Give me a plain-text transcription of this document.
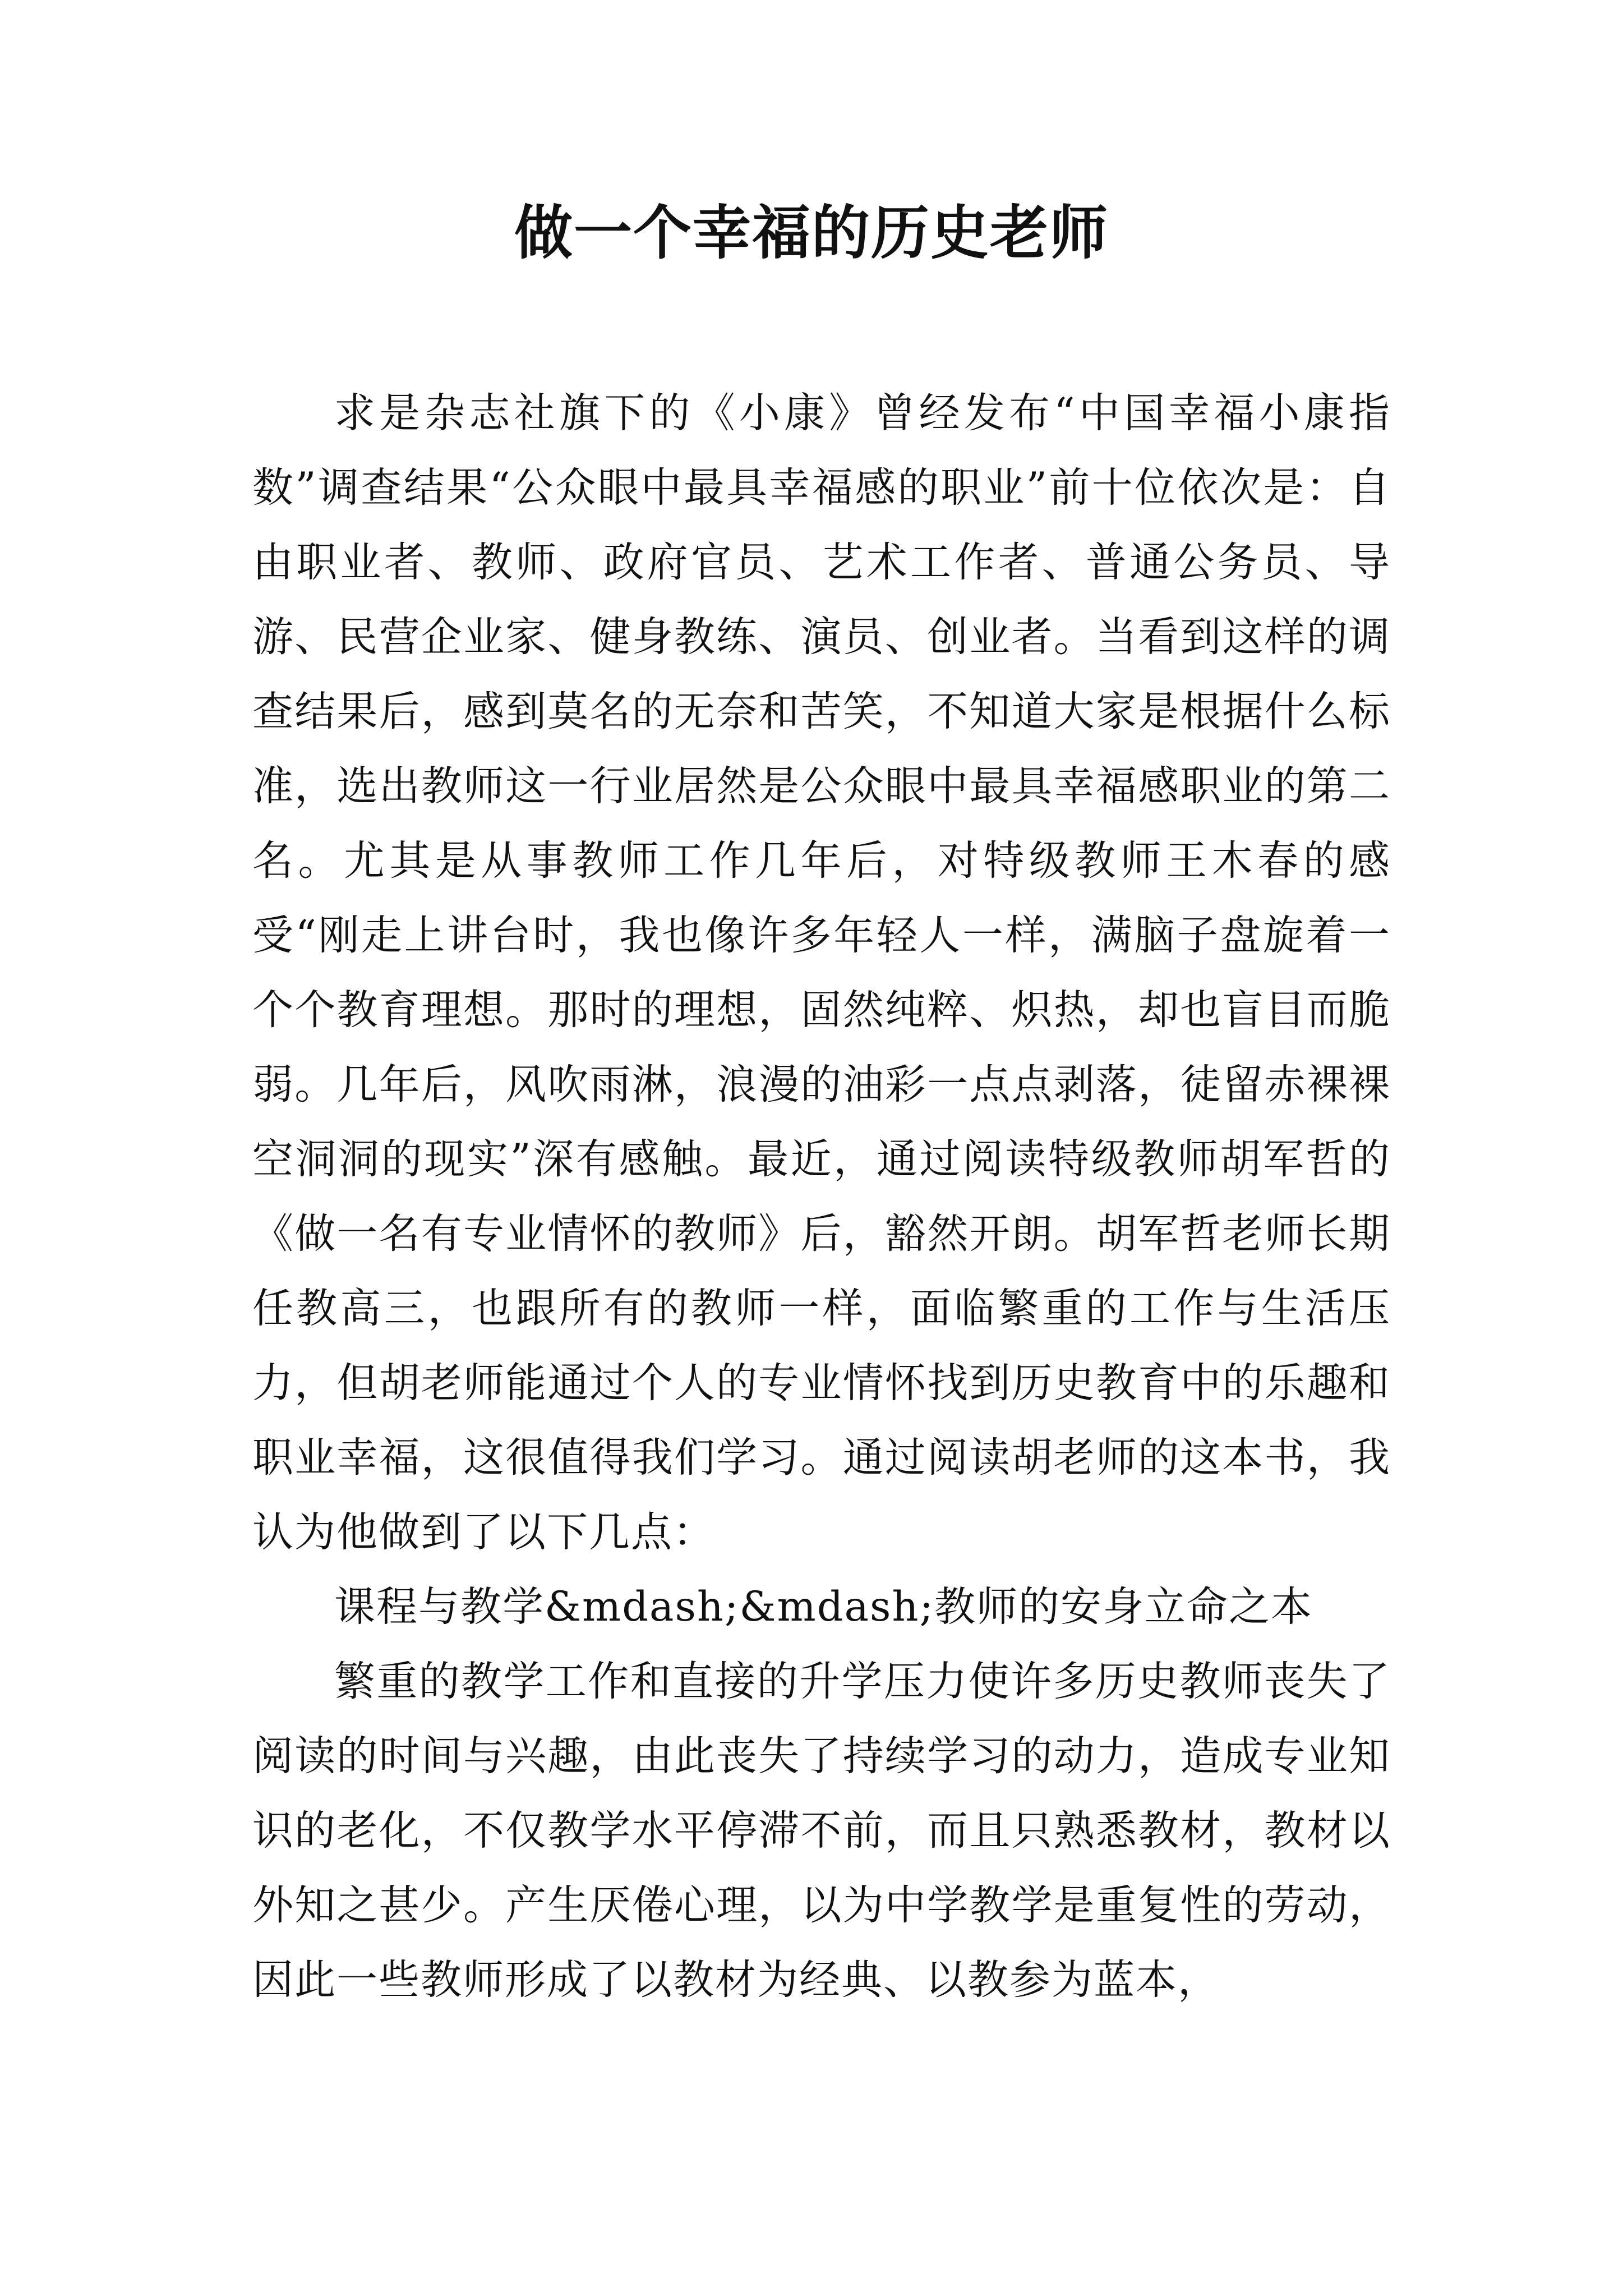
做一个幸福的历史老师

求是杂志社旗下的《小康》曾经发布“中国幸福小康指数”调查结果“公众眼中最具幸福感的职业”前十位依次是：自由职业者、教师、政府官员、艺术工作者、普通公务员、导游、民营企业家、健身教练、演员、创业者。当看到这样的调查结果后，感到莫名的无奈和苦笑，不知道大家是根据什么标准，选出教师这一行业居然是公众眼中最具幸福感职业的第二名。尤其是从事教师工作几年后，对特级教师王木春的感受“刚走上讲台时，我也像许多年轻人一样，满脑子盘旋着一个个教育理想。那时的理想，固然纯粹、炽热，却也盲目而脆弱。几年后，风吹雨淋，浪漫的油彩一点点剥落，徒留赤裸裸空洞洞的现实”深有感触。最近，通过阅读特级教师胡军哲的《做一名有专业情怀的教师》后，豁然开朗。胡军哲老师长期任教高三，也跟所有的教师一样，面临繁重的工作与生活压力，但胡老师能通过个人的专业情怀找到历史教育中的乐趣和职业幸福，这很值得我们学习。通过阅读胡老师的这本书，我认为他做到了以下几点：

课程与教学&mdash;&mdash;教师的安身立命之本

繁重的教学工作和直接的升学压力使许多历史教师丧失了阅读的时间与兴趣，由此丧失了持续学习的动力，造成专业知识的老化，不仅教学水平停滞不前，而且只熟悉教材，教材以外知之甚少。产生厌倦心理，以为中学教学是重复性的劳动，因此一些教师形成了以教材为经典、以教参为蓝本，
